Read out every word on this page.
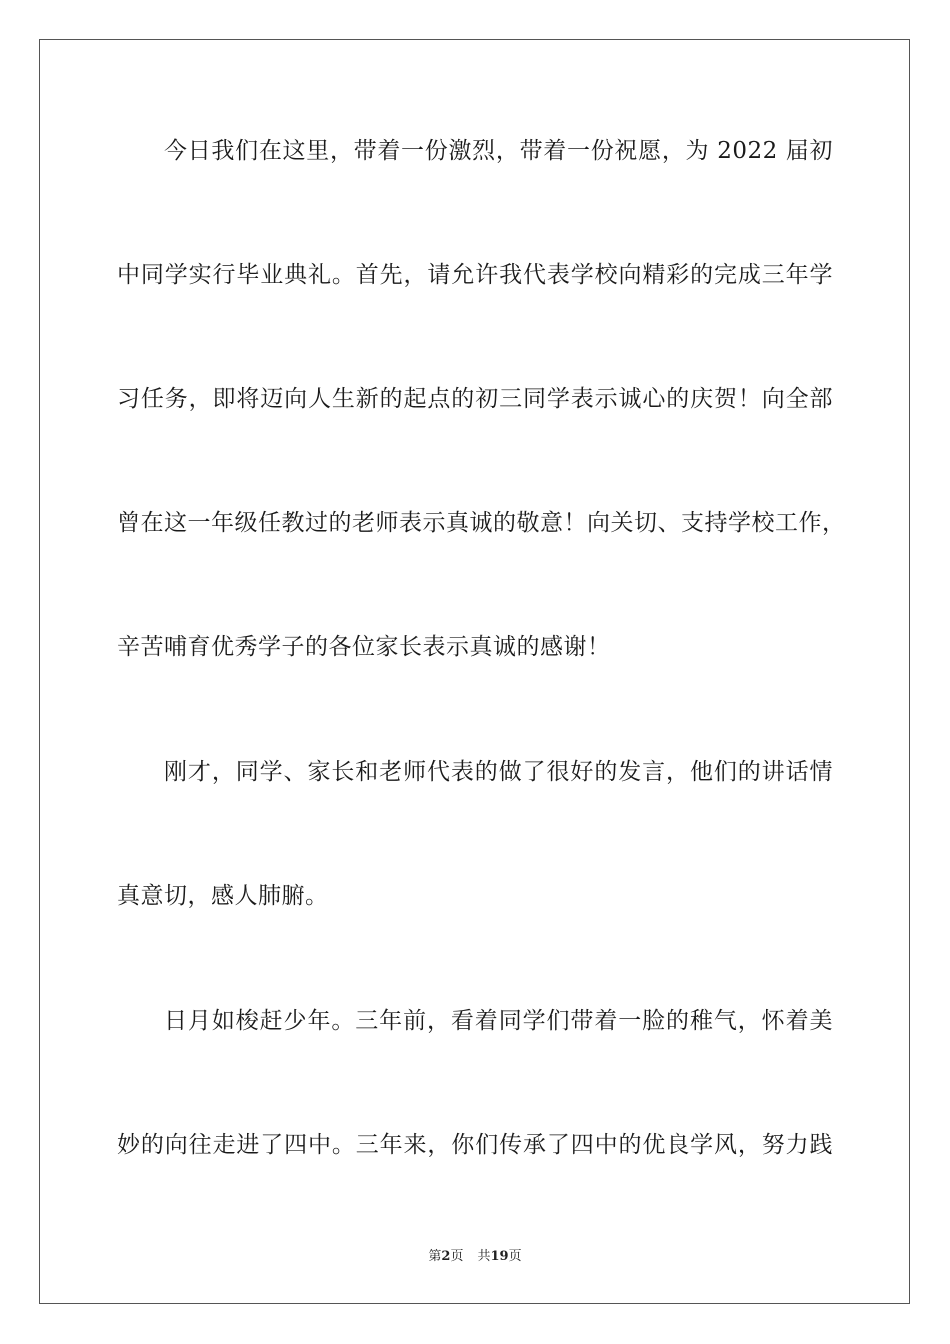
今日我们在这里，带着一份激烈，带着一份祝愿，为 2022 届初
中同学实行毕业典礼。首先，请允许我代表学校向精彩的完成三年学
习任务，即将迈向人生新的起点的初三同学表示诚心的庆贺！向全部
曾在这一年级任教过的老师表示真诚的敬意！向关切、支持学校工作，
辛苦哺育优秀学子的各位家长表示真诚的感谢！
刚才，同学、家长和老师代表的做了很好的发言，他们的讲话情
真意切，感人肺腑。
日月如梭赶少年。三年前，看着同学们带着一脸的稚气，怀着美
妙的向往走进了四中。三年来，你们传承了四中的优良学风，努力践
第2页 共19页
